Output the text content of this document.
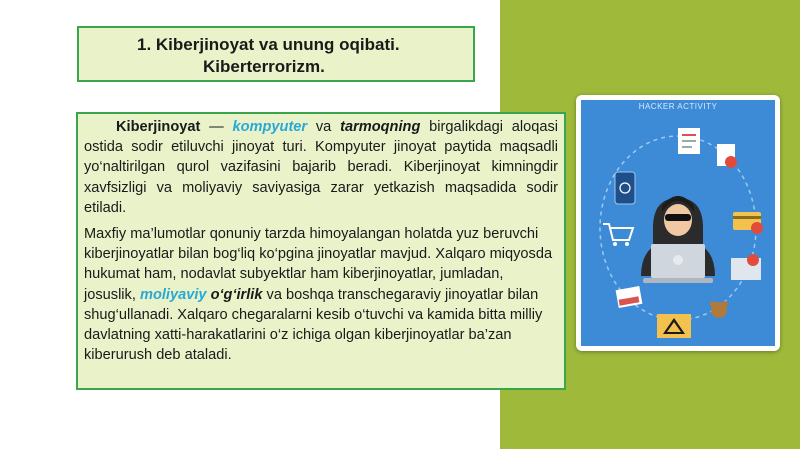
1. Kiberjinoyat va unung oqibati.
Kiberterrorizm.

Kiberjinoyat — kompyuter va tarmoqning birgalikdagi aloqasi ostida sodir etiluvchi jinoyat turi. Kompyuter jinoyat paytida maqsadli yo‘naltirilgan qurol vazifasini bajarib beradi. Kiberjinoyat kimningdir xavfsizligi va moliyaviy saviyasiga zarar yetkazish maqsadida sodir etiladi.

Maxfiy ma’lumotlar qonuniy tarzda himoyalangan holatda yuz beruvchi kiberjinoyatlar bilan bog‘liq ko‘pgina jinoyatlar mavjud. Xalqaro miqyosda hukumat ham, nodavlat subyektlar ham kiberjinoyatlar, jumladan, josuslik, moliyaviy o‘g‘irlik va boshqa transchegaraviy jinoyatlar bilan shug‘ullanadi. Xalqaro chegaralarni kesib o‘tuvchi va kamida bitta milliy davlatning xatti-harakatlarini o‘z ichiga olgan kiberjinoyatlar ba’zan kiberurush deb ataladi.

HACKER ACTIVITY
